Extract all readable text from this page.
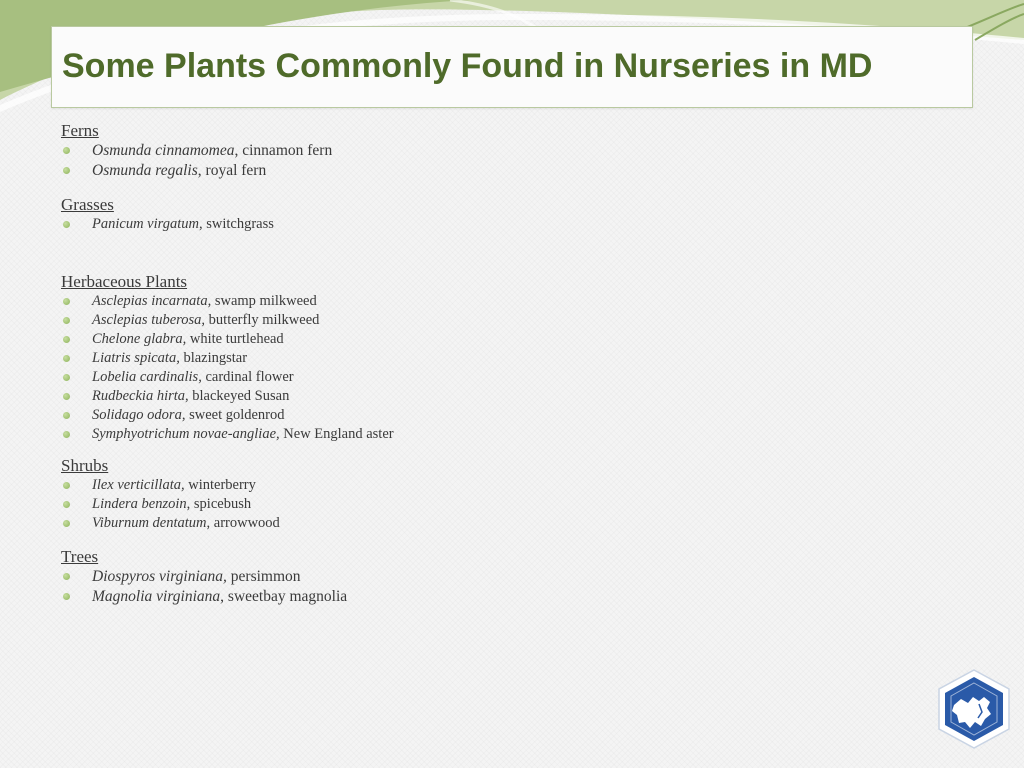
Some Plants Commonly Found in Nurseries in MD
Ferns
Osmunda cinnamomea, cinnamon fern
Osmunda regalis, royal fern
Grasses
Panicum virgatum, switchgrass
Herbaceous Plants
Asclepias incarnata, swamp milkweed
Asclepias tuberosa, butterfly milkweed
Chelone glabra, white turtlehead
Liatris spicata, blazingstar
Lobelia cardinalis, cardinal flower
Rudbeckia hirta, blackeyed Susan
Solidago odora, sweet goldenrod
Symphyotrichum novae-angliae, New England aster
Shrubs
Ilex verticillata, winterberry
Lindera benzoin, spicebush
Viburnum dentatum, arrowwood
Trees
Diospyros virginiana, persimmon
Magnolia virginiana, sweetbay magnolia
